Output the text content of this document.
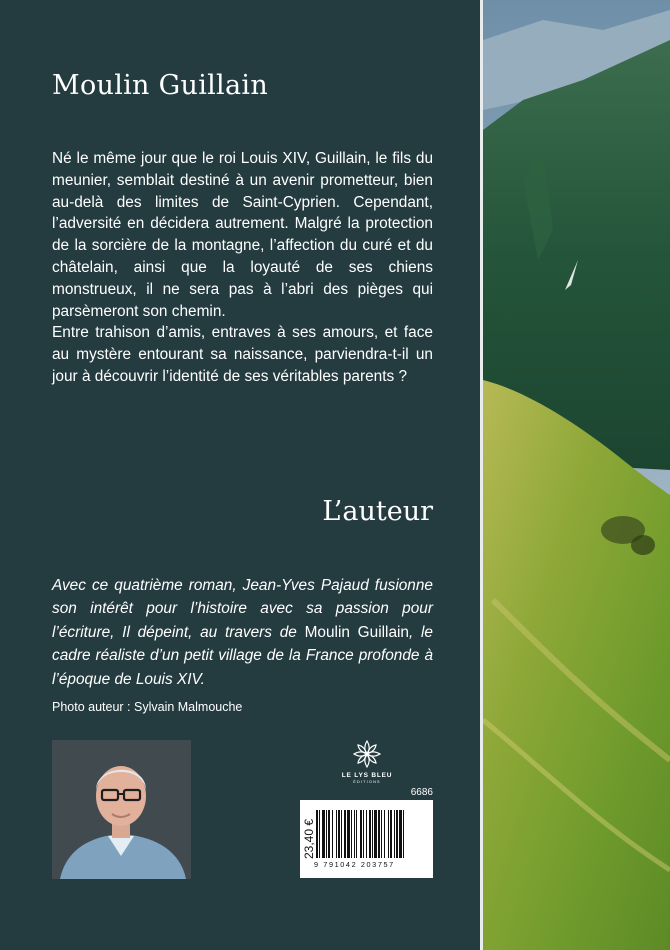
Moulin Guillain

Né le même jour que le roi Louis XIV, Guillain, le fils du meunier, semblait destiné à un avenir prometteur, bien au-delà des limites de Saint-Cyprien. Cependant, l’adversité en décidera autrement. Malgré la protection de la sorcière de la montagne, l’affection du curé et du châtelain, ainsi que la loyauté de ses chiens monstrueux, il ne sera pas à l’abri des pièges qui parsèmeront son chemin.

Entre trahison d’amis, entraves à ses amours, et face au mystère entourant sa naissance, parviendra-t-il un jour à découvrir l’identité de ses véritables parents ?

L’auteur

Avec ce quatrième roman, Jean-Yves Pajaud fusionne son intérêt pour l’histoire avec sa passion pour l’écriture, Il dépeint, au travers de Moulin Guillain, le cadre réaliste d’un petit village de la France profonde à l’époque de Louis XIV.

Photo auteur : Sylvain Malmouche

LE LYS BLEU
ÉDITIONS
6686
23,40 €
9 791042 203757
